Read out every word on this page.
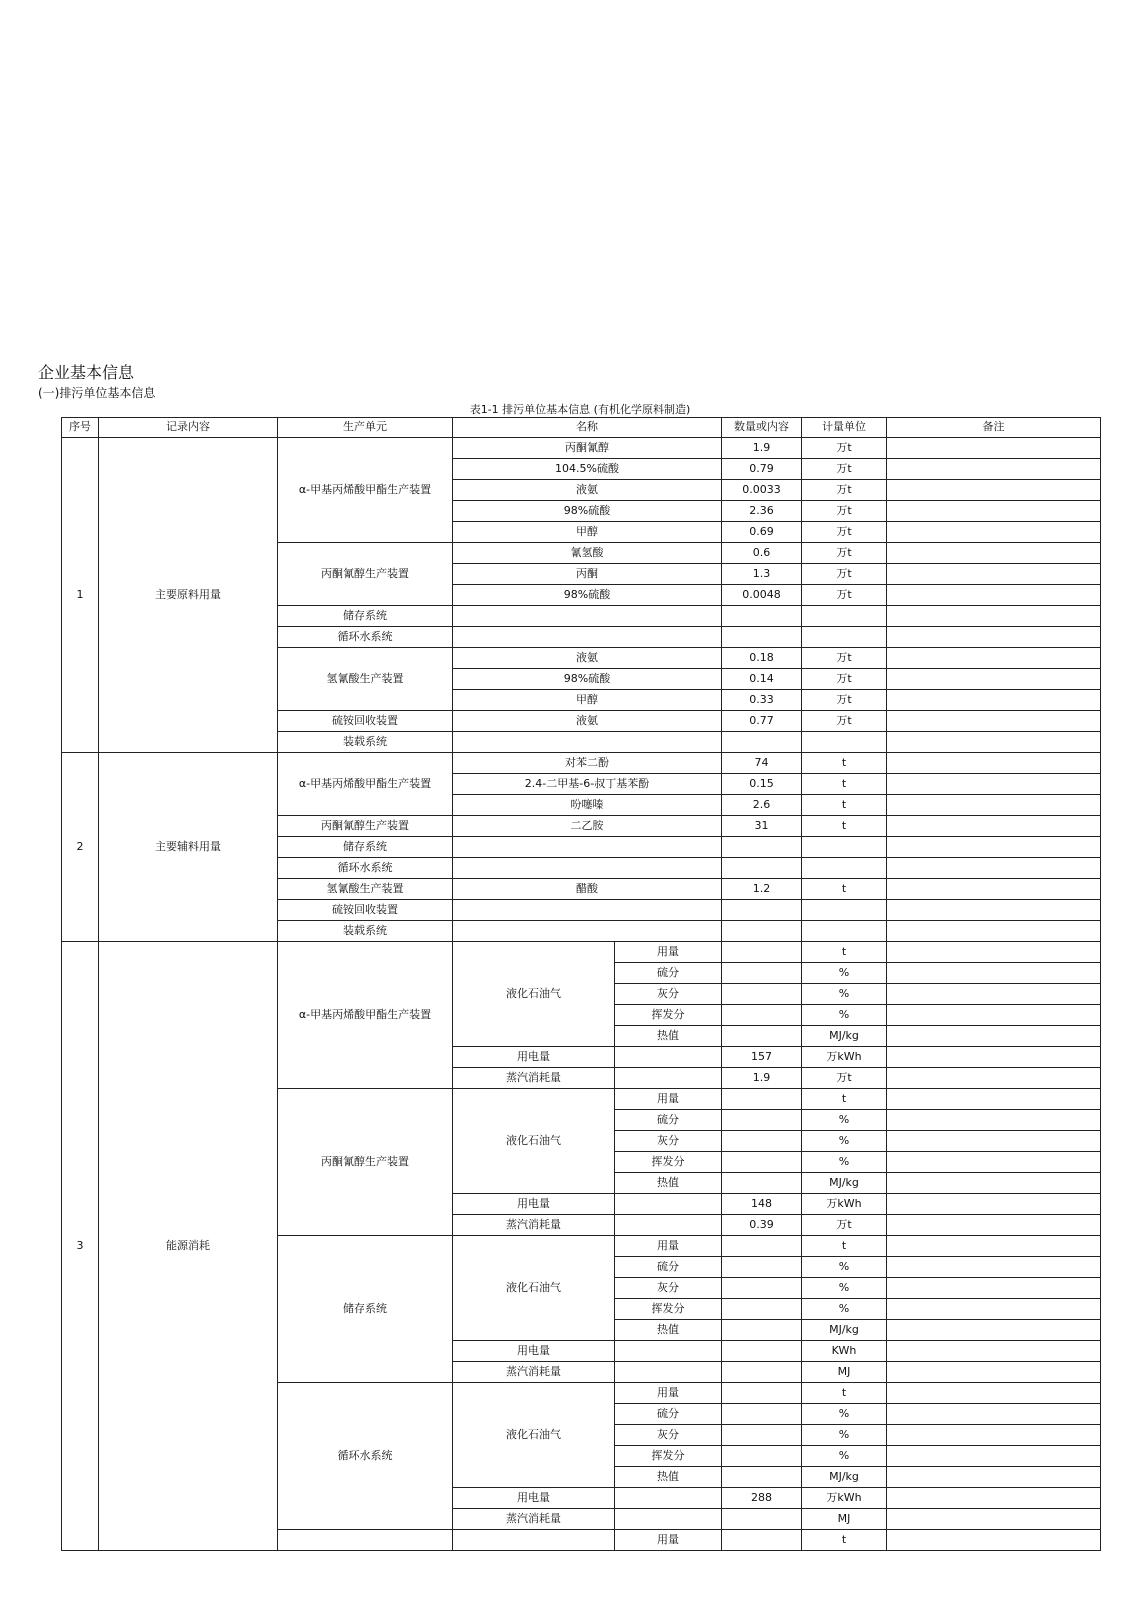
企业基本信息
(一)排污单位基本信息
表1-1 排污单位基本信息 (有机化学原料制造)
序号	记录内容	生产单元	名称		数量或内容	计量单位	备注
1	主要原料用量	α-甲基丙烯酸甲酯生产装置	丙酮氰醇		1.9	万t	
			104.5%硫酸		0.79	万t	
			液氨		0.0033	万t	
			98%硫酸		2.36	万t	
			甲醇		0.69	万t	
		丙酮氰醇生产装置	氰氢酸		0.6	万t	
			丙酮		1.3	万t	
			98%硫酸		0.0048	万t	
		储存系统					
		循环水系统					
		氢氰酸生产装置	液氨		0.18	万t	
			98%硫酸		0.14	万t	
			甲醇		0.33	万t	
		硫铵回收装置	液氨		0.77	万t	
		装载系统					
2	主要辅料用量	α-甲基丙烯酸甲酯生产装置	对苯二酚		74	t	
			2.4-二甲基-6-叔丁基苯酚		0.15	t	
			吩噻嗪		2.6	t	
		丙酮氰醇生产装置	二乙胺		31	t	
		储存系统					
		循环水系统					
		氢氰酸生产装置	醋酸		1.2	t	
		硫铵回收装置					
		装载系统					
3	能源消耗	α-甲基丙烯酸甲酯生产装置	液化石油气	用量		t	
				硫分		%	
				灰分		%	
				挥发分		%	
				热值		MJ/kg	
			用电量		157	万kWh	
			蒸汽消耗量		1.9	万t	
		丙酮氰醇生产装置	液化石油气	用量		t	
				硫分		%	
				灰分		%	
				挥发分		%	
				热值		MJ/kg	
			用电量		148	万kWh	
			蒸汽消耗量		0.39	万t	
		储存系统	液化石油气	用量		t	
				硫分		%	
				灰分		%	
				挥发分		%	
				热值		MJ/kg	
			用电量			KWh	
			蒸汽消耗量			MJ	
		循环水系统	液化石油气	用量		t	
				硫分		%	
				灰分		%	
				挥发分		%	
				热值		MJ/kg	
			用电量		288	万kWh	
			蒸汽消耗量			MJ	
				用量		t	
